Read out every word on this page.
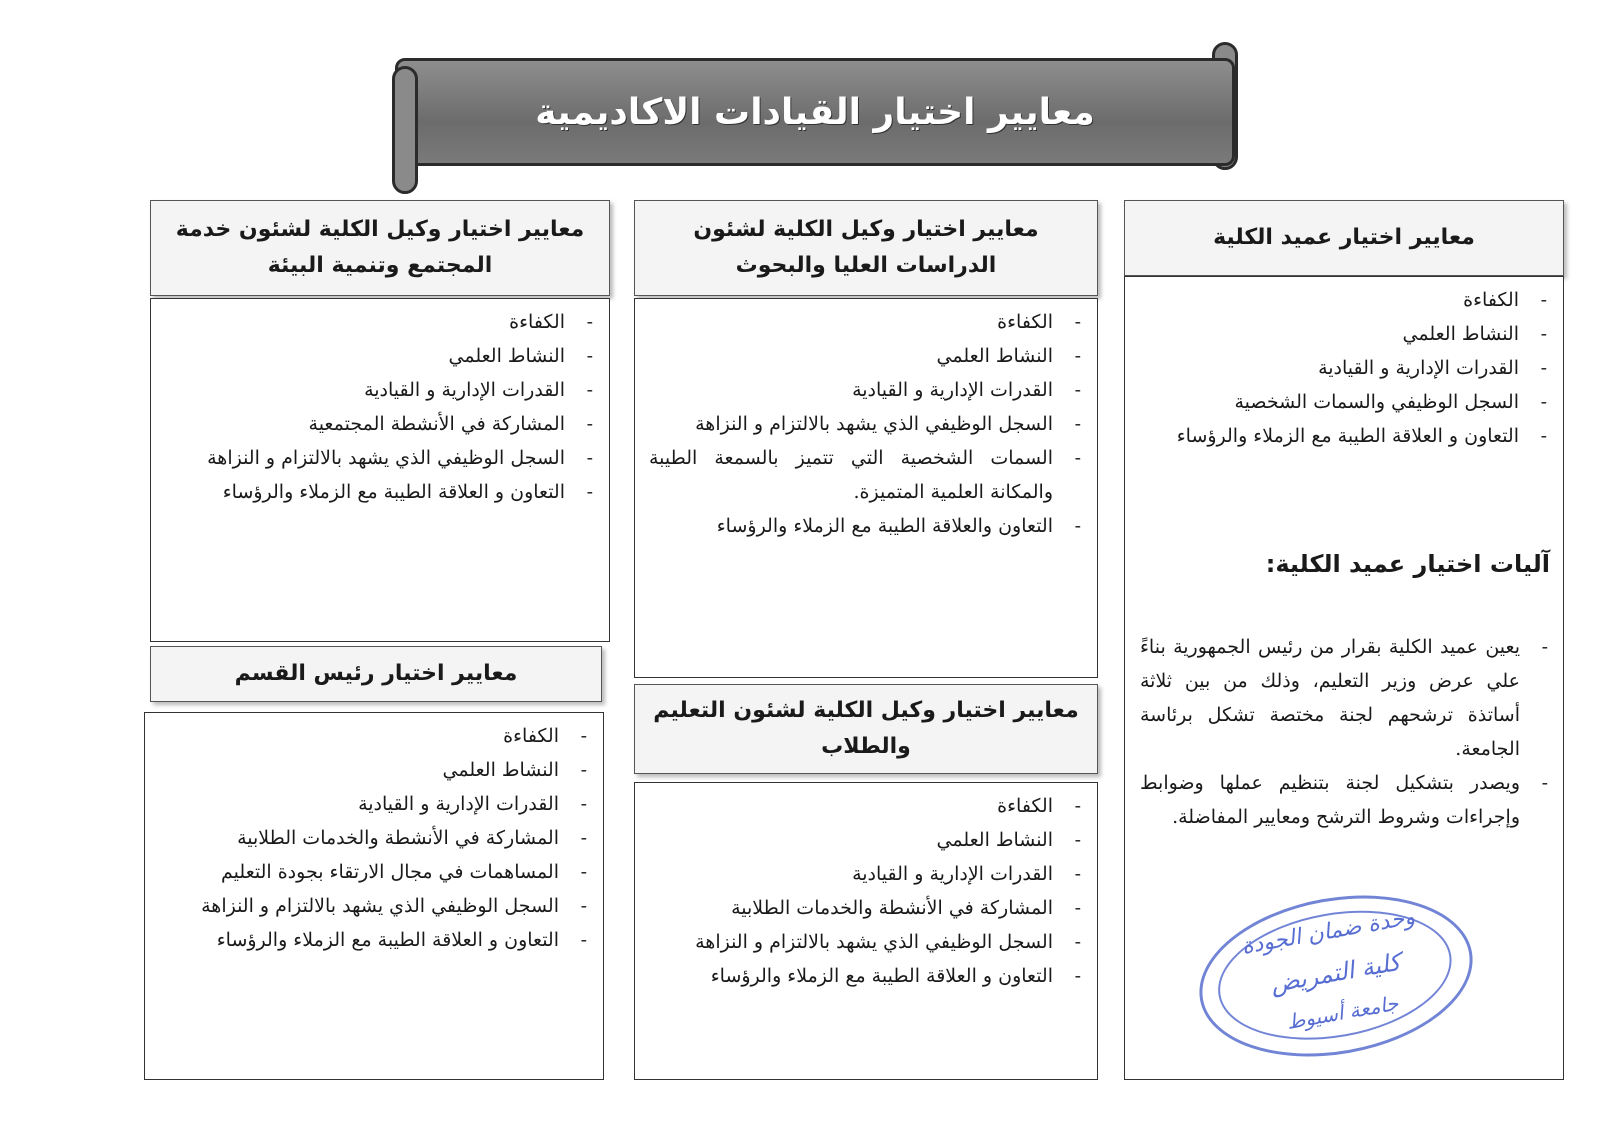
معايير اختيار القيادات الاكاديمية
معايير اختيار عميد الكلية
- الكفاءة
- النشاط العلمي
- القدرات الإدارية و القيادية
- السجل الوظيفي والسمات الشخصية
- التعاون و العلاقة الطيبة مع الزملاء والرؤساء
آليات اختيار عميد الكلية:
- يعين عميد الكلية بقرار من رئيس الجمهورية بناءً علي عرض وزير التعليم، وذلك من بين ثلاثة أساتذة ترشحهم لجنة مختصة تشكل برئاسة الجامعة.
- ويصدر بتشكيل لجنة بتنظيم عملها وضوابط وإجراءات وشروط الترشح ومعايير المفاضلة.
معايير اختيار وكيل الكلية لشئون الدراسات العليا والبحوث
- الكفاءة
- النشاط العلمي
- القدرات الإدارية و القيادية
- السجل الوظيفي الذي يشهد بالالتزام و النزاهة
- السمات الشخصية التي تتميز بالسمعة الطيبة والمكانة العلمية المتميزة.
- التعاون والعلاقة الطيبة مع الزملاء والرؤساء
معايير اختيار وكيل الكلية لشئون التعليم والطلاب
- الكفاءة
- النشاط العلمي
- القدرات الإدارية و القيادية
- المشاركة في الأنشطة والخدمات الطلابية
- السجل الوظيفي الذي يشهد بالالتزام و النزاهة
- التعاون و العلاقة الطيبة مع الزملاء والرؤساء
معايير اختيار وكيل الكلية لشئون خدمة المجتمع وتنمية البيئة
- الكفاءة
- النشاط العلمي
- القدرات الإدارية و القيادية
- المشاركة في الأنشطة المجتمعية
- السجل الوظيفي الذي يشهد بالالتزام و النزاهة
- التعاون و العلاقة الطيبة مع الزملاء والرؤساء
معايير اختيار رئيس القسم
- الكفاءة
- النشاط العلمي
- القدرات الإدارية و القيادية
- المشاركة في الأنشطة والخدمات الطلابية
- المساهمات في مجال الارتقاء بجودة التعليم
- السجل الوظيفي الذي يشهد بالالتزام و النزاهة
- التعاون و العلاقة الطيبة مع الزملاء والرؤساء	وحدة ضمان الجودة
كلية التمريض
جامعة أسيوط
